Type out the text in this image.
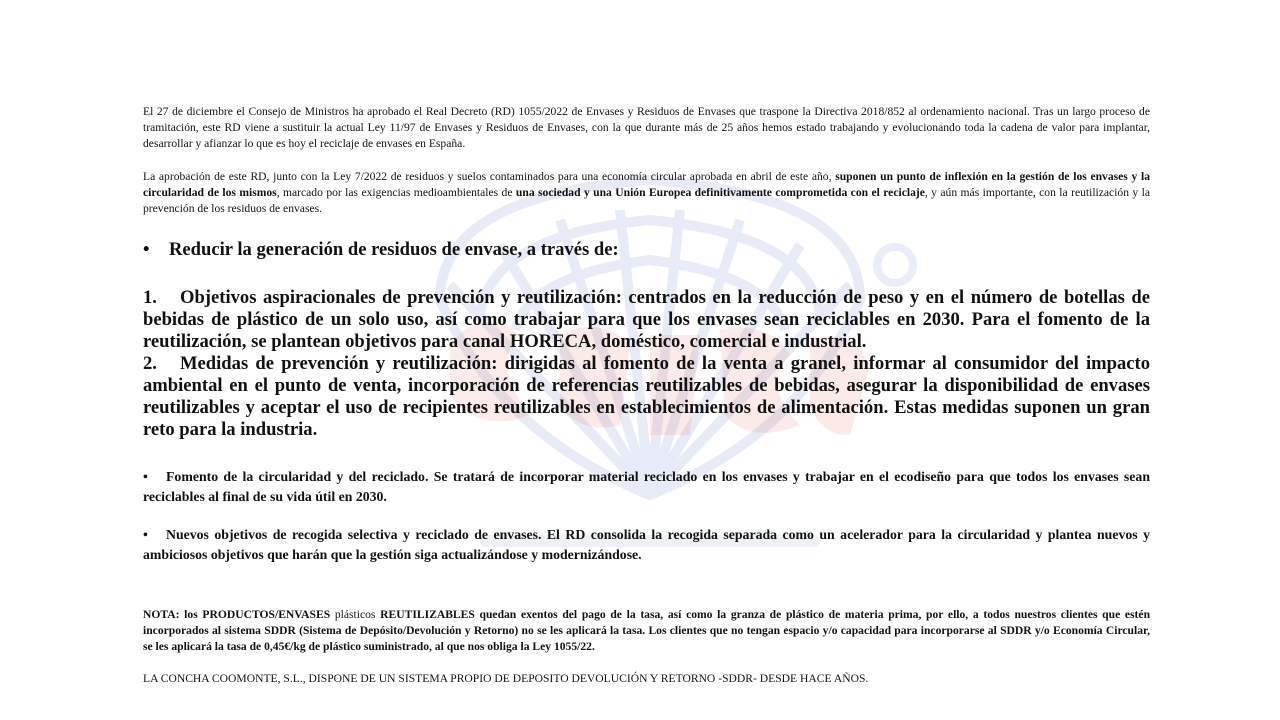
El 27 de diciembre el Consejo de Ministros ha aprobado el Real Decreto (RD) 1055/2022 de Envases y Residuos de Envases que traspone la Directiva 2018/852 al ordenamiento nacional. Tras un largo proceso de tramitación, este RD viene a sustituir la actual Ley 11/97 de Envases y Residuos de Envases, con la que durante más de 25 años hemos estado trabajando y evolucionando toda la cadena de valor para implantar, desarrollar y afianzar lo que es hoy el reciclaje de envases en España.

La aprobación de este RD, junto con la Ley 7/2022 de residuos y suelos contaminados para una economía circular aprobada en abril de este año, suponen un punto de inflexión en la gestión de los envases y la circularidad de los mismos, marcado por las exigencias medioambientales de una sociedad y una Unión Europea definitivamente comprometida con el reciclaje, y aún más importante, con la reutilización y la prevención de los residuos de envases.

• Reducir la generación de residuos de envase, a través de:

1. Objetivos aspiracionales de prevención y reutilización: centrados en la reducción de peso y en el número de botellas de bebidas de plástico de un solo uso, así como trabajar para que los envases sean reciclables en 2030. Para el fomento de la reutilización, se plantean objetivos para canal HORECA, doméstico, comercial e industrial.

2. Medidas de prevención y reutilización: dirigidas al fomento de la venta a granel, informar al consumidor del impacto ambiental en el punto de venta, incorporación de referencias reutilizables de bebidas, asegurar la disponibilidad de envases reutilizables y aceptar el uso de recipientes reutilizables en establecimientos de alimentación. Estas medidas suponen un gran reto para la industria.

• Fomento de la circularidad y del reciclado. Se tratará de incorporar material reciclado en los envases y trabajar en el ecodiseño para que todos los envases sean reciclables al final de su vida útil en 2030.

• Nuevos objetivos de recogida selectiva y reciclado de envases. El RD consolida la recogida separada como un acelerador para la circularidad y plantea nuevos y ambiciosos objetivos que harán que la gestión siga actualizándose y modernizándose.

NOTA: los PRODUCTOS/ENVASES plásticos REUTILIZABLES quedan exentos del pago de la tasa, así como la granza de plástico de materia prima, por ello, a todos nuestros clientes que estén incorporados al sistema SDDR (Sistema de Depósito/Devolución y Retorno) no se les aplicará la tasa. Los clientes que no tengan espacio y/o capacidad para incorporarse al SDDR y/o Economía Circular, se les aplicará la tasa de 0,45€/kg de plástico suministrado, al que nos obliga la Ley 1055/22.

LA CONCHA COOMONTE, S.L., DISPONE DE UN SISTEMA PROPIO DE DEPOSITO DEVOLUCIÓN Y RETORNO -SDDR- DESDE HACE AÑOS.
